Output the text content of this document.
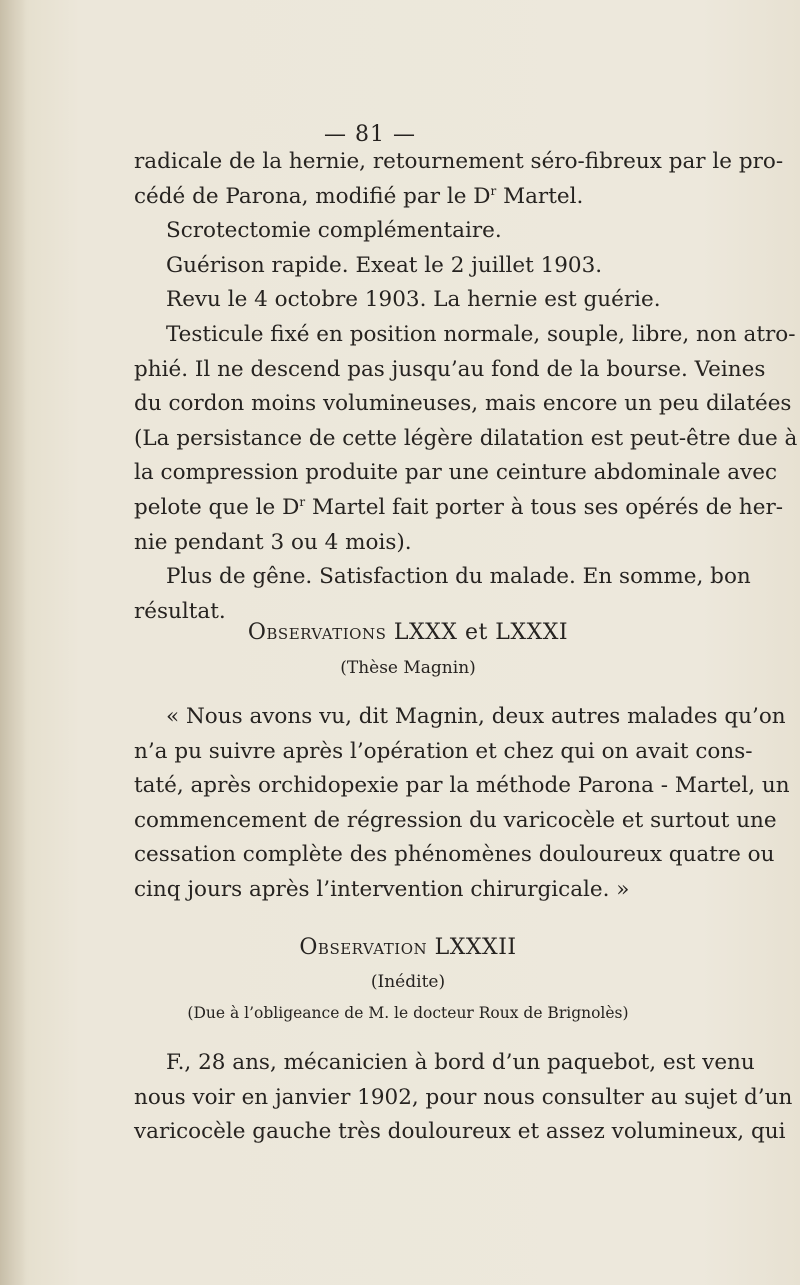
— 81 —
radicale de la hernie, retournement séro-fibreux par le pro-
cédé de Parona, modifié par le $D^r$ Martel.
Scrotectomie complémentaire.
Guérison rapide. Exeat le 2 juillet 1903.
Revu le 4 octobre 1903. La hernie est guérie.
Testicule fixé en position normale, souple, libre, non atro-
phié. Il ne descend pas jusqu’au fond de la bourse. Veines
du cordon moins volumineuses, mais encore un peu dilatées
(La persistance de cette légère dilatation est peut-être due à
la compression produite par une ceinture abdominale avec
pelote que le $D^r$ Martel fait porter à tous ses opérés de her-
nie pendant 3 ou 4 mois).
Plus de gêne. Satisfaction du malade. En somme, bon
résultat.
Observations LXXX et LXXXI
(Thèse Magnin)
« Nous avons vu, dit Magnin, deux autres malades qu’on
n’a pu suivre après l’opération et chez qui on avait cons-
taté, après orchidopexie par la méthode Parona - Martel, un
commencement de régression du varicocèle et surtout une
cessation complète des phénomènes douloureux quatre ou
cinq jours après l’intervention chirurgicale. »
Observation LXXXII
(Inédite)
(Due à l’obligeance de M. le docteur Roux de Brignolès)
F., 28 ans, mécanicien à bord d’un paquebot, est venu
nous voir en janvier 1902, pour nous consulter au sujet d’un
varicocèle gauche très douloureux et assez volumineux, qui
